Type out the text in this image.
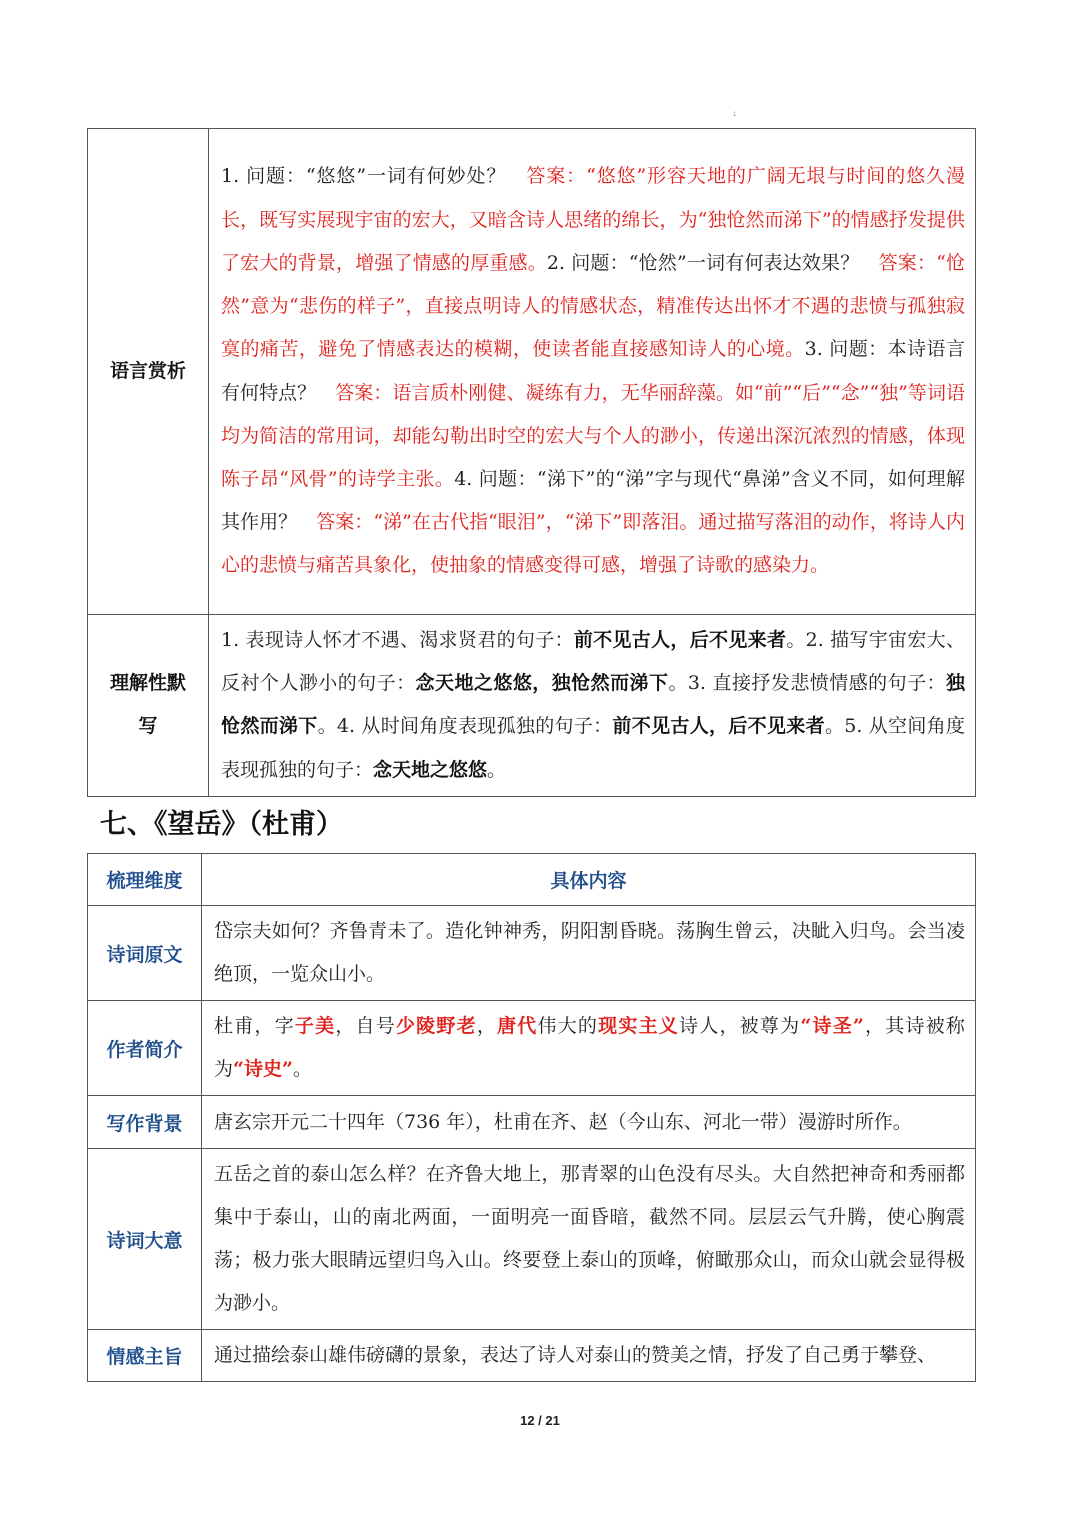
1
语言赏析	1. 问题：“悠悠”一词有何妙处？　答案：“悠悠”形容天地的广阔无垠与时间的悠久漫长，既写实展现宇宙的宏大，又暗含诗人思绪的绵长，为“独怆然而涕下”的情感抒发提供了宏大的背景，增强了情感的厚重感。2. 问题：“怆然”一词有何表达效果？　答案：“怆然”意为“悲伤的样子”，直接点明诗人的情感状态，精准传达出怀才不遇的悲愤与孤独寂寞的痛苦，避免了情感表达的模糊，使读者能直接感知诗人的心境。3. 问题：本诗语言有何特点？　答案：语言质朴刚健、凝练有力，无华丽辞藻。如“前”“后”“念”“独”等词语均为简洁的常用词，却能勾勒出时空的宏大与个人的渺小，传递出深沉浓烈的情感，体现陈子昂“风骨”的诗学主张。4. 问题：“涕下”的“涕”字与现代“鼻涕”含义不同，如何理解其作用？　答案：“涕”在古代指“眼泪”，“涕下”即落泪。通过描写落泪的动作，将诗人内心的悲愤与痛苦具象化，使抽象的情感变得可感，增强了诗歌的感染力。

理解性默写	1. 表现诗人怀才不遇、渴求贤君的句子：前不见古人，后不见来者。2. 描写宇宙宏大、反衬个人渺小的句子：念天地之悠悠，独怆然而涕下。3. 直接抒发悲愤情感的句子：独怆然而涕下。4. 从时间角度表现孤独的句子：前不见古人，后不见来者。5. 从空间角度表现孤独的句子：念天地之悠悠。
七、《望岳》（杜甫）
梳理维度	具体内容
诗词原文	岱宗夫如何？齐鲁青未了。造化钟神秀，阴阳割昏晓。荡胸生曾云，决眦入归鸟。会当凌绝顶，一览众山小。
作者简介	杜甫，字子美，自号少陵野老，唐代伟大的现实主义诗人，被尊为“诗圣”，其诗被称为“诗史”。
写作背景	唐玄宗开元二十四年（736 年），杜甫在齐、赵（今山东、河北一带）漫游时所作。
诗词大意	五岳之首的泰山怎么样？在齐鲁大地上，那青翠的山色没有尽头。大自然把神奇和秀丽都集中于泰山，山的南北两面，一面明亮一面昏暗，截然不同。层层云气升腾，使心胸震荡；极力张大眼睛远望归鸟入山。终要登上泰山的顶峰，俯瞰那众山，而众山就会显得极为渺小。
情感主旨	通过描绘泰山雄伟磅礴的景象，表达了诗人对泰山的赞美之情，抒发了自己勇于攀登、
12 / 21
